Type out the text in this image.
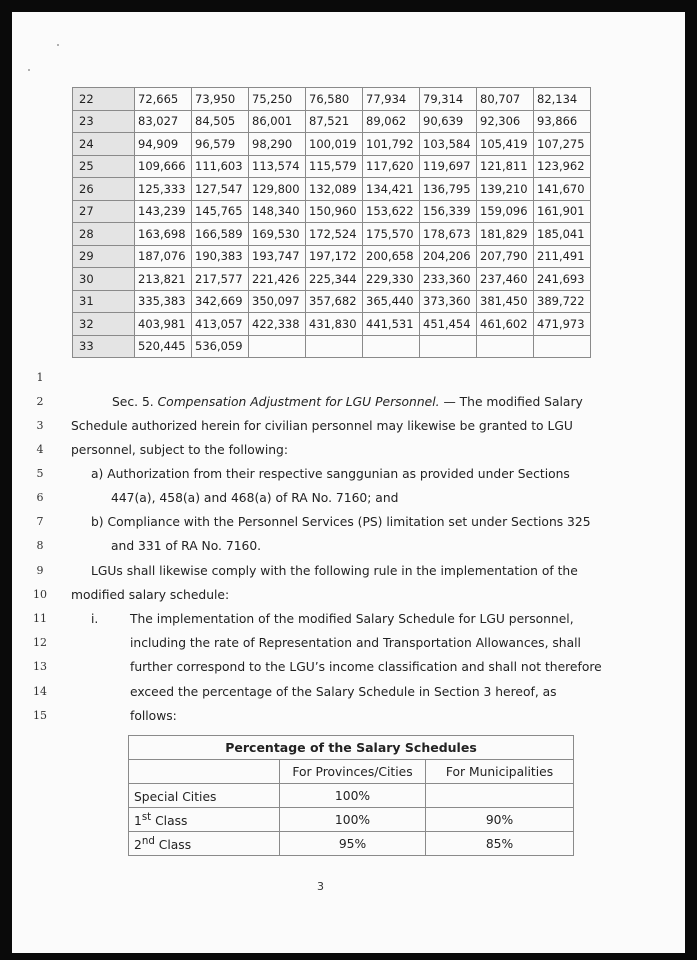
22	72,665	73,950	75,250	76,580	77,934	79,314	80,707	82,134
23	83,027	84,505	86,001	87,521	89,062	90,639	92,306	93,866
24	94,909	96,579	98,290	100,019	101,792	103,584	105,419	107,275
25	109,666	111,603	113,574	115,579	117,620	119,697	121,811	123,962
26	125,333	127,547	129,800	132,089	134,421	136,795	139,210	141,670
27	143,239	145,765	148,340	150,960	153,622	156,339	159,096	161,901
28	163,698	166,589	169,530	172,524	175,570	178,673	181,829	185,041
29	187,076	190,383	193,747	197,172	200,658	204,206	207,790	211,491
30	213,821	217,577	221,426	225,344	229,330	233,360	237,460	241,693
31	335,383	342,669	350,097	357,682	365,440	373,360	381,450	389,722
32	403,981	413,057	422,338	431,830	441,531	451,454	461,602	471,973
33	520,445	536,059						
1
2
3
4
5
6
7
8
9
10
11
12
13
14
15
Sec. 5. Compensation Adjustment for LGU Personnel. — The modified Salary
Schedule authorized herein for civilian personnel may likewise be granted to LGU
personnel, subject to the following:
a) Authorization from their respective sanggunian as provided under Sections
447(a), 458(a) and 468(a) of RA No. 7160; and
b) Compliance with the Personnel Services (PS) limitation set under Sections 325
and 331 of RA No. 7160.
LGUs shall likewise comply with the following rule in the implementation of the
modified salary schedule:
i.	The implementation of the modified Salary Schedule for LGU personnel,
including the rate of Representation and Transportation Allowances, shall
further correspond to the LGU’s income classification and shall not therefore
exceed the percentage of the Salary Schedule in Section 3 hereof, as
follows:
Percentage of the Salary Schedules		
	For Provinces/Cities	For Municipalities
Special Cities	100%	
1st Class	100%	90%
2nd Class	95%	85%
3
